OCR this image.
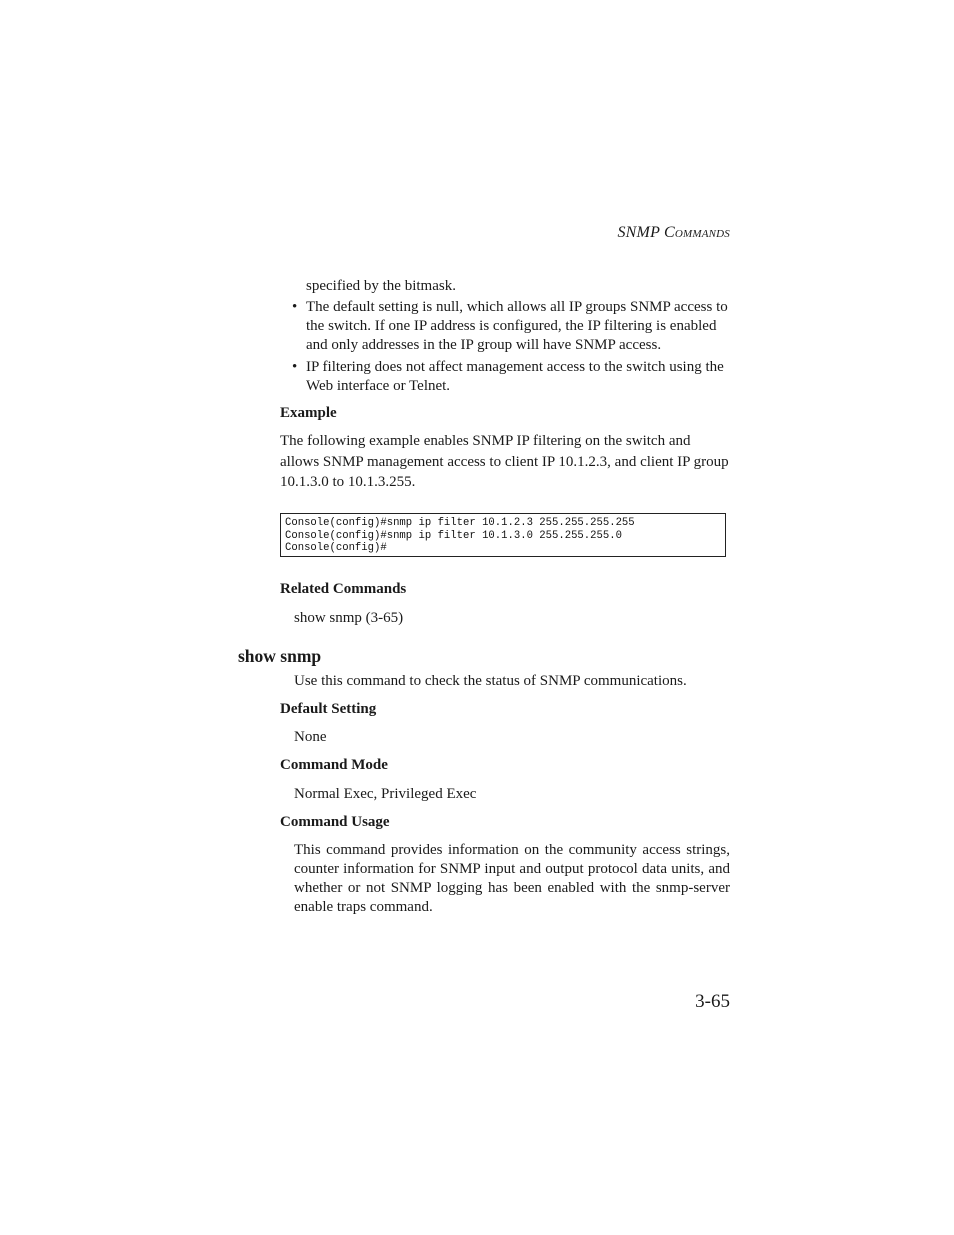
SNMP Commands

specified by the bitmask.

• The default setting is null, which allows all IP groups SNMP access to the switch. If one IP address is configured, the IP filtering is enabled and only addresses in the IP group will have SNMP access.
• IP filtering does not affect management access to the switch using the Web interface or Telnet.
Example

The following example enables SNMP IP filtering on the switch and allows SNMP management access to client IP 10.1.2.3, and client IP group 10.1.3.0 to 10.1.3.255.

Console(config)#snmp ip filter 10.1.2.3 255.255.255.255
Console(config)#snmp ip filter 10.1.3.0 255.255.255.0
Console(config)#
Related Commands
show snmp (3-65)
show snmp

Use this command to check the status of SNMP communications.

Default Setting
None
Command Mode
Normal Exec, Privileged Exec
Command Usage

This command provides information on the community access strings, counter information for SNMP input and output protocol data units, and whether or not SNMP logging has been enabled with the snmp-server enable traps command.

3-65
